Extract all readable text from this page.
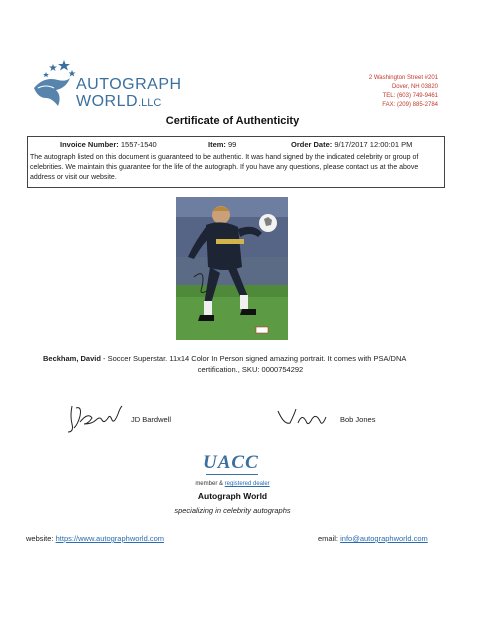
AUTOGRAPH
WORLD.LLC
2 Washington Street #201
Dover, NH 03820
TEL: (603) 749-9461
FAX: (209) 885-2784
Certificate of Authenticity
Invoice Number: 1557-1540	Item: 99	Order Date: 9/17/2017 12:00:01 PM
The autograph listed on this document is guaranteed to be authentic. It was hand signed by the indicated celebrity or group of celebrities. We maintain this guarantee for the life of the autograph. If you have any questions, please contact us at the above address or visit our website.
Beckham, David - Soccer Superstar. 11x14 Color In Person signed amazing portrait. It comes with PSA/DNA
certification., SKU: 0000754292
JD Bardwell	Bob Jones
UACC
member & registered dealer
Autograph World
specializing in celebrity autographs
website: https://www.autographworld.com	email: info@autographworld.com
